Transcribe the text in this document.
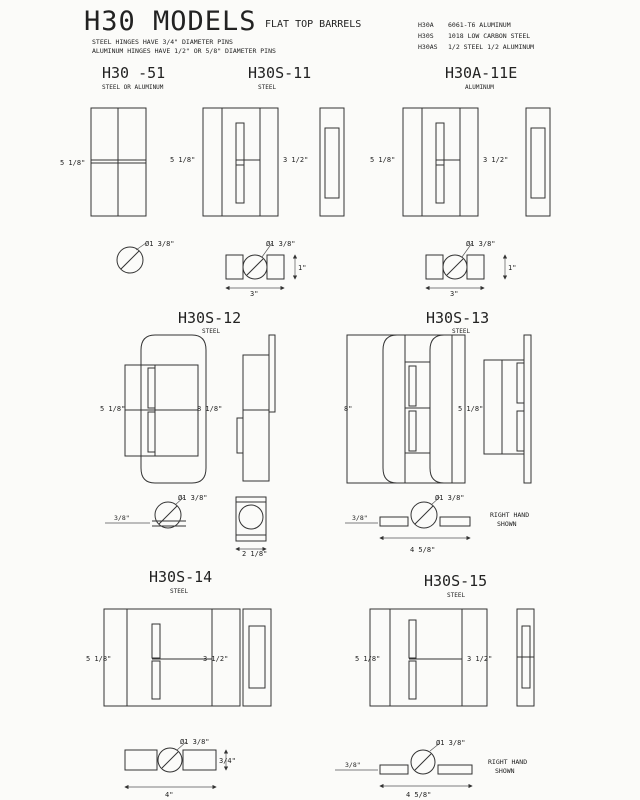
H30 MODELS FLAT TOP BARRELS
STEEL HINGES HAVE 3/4" DIAMETER PINS
ALUMINUM HINGES HAVE 1/2" OR 5/8" DIAMETER PINS
H30A 6061-T6 ALUMINUM
H30S 1018 LOW CARBON STEEL
H30AS 1/2 STEEL 1/2 ALUMINUM
H30 -51
STEEL OR ALUMINUM
5 1/8"
Ø1 3/8"
H30S-11
STEEL
5 1/8"	3 1/2"
Ø1 3/8"
1"
3"
H30A-11E
ALUMINUM
5 1/8"	3 1/2"
Ø1 3/8"
1"
3"
H30S-12
STEEL
5 1/8"	8 1/8"
3/8"
Ø1 3/8"
2 1/8"
H30S-13
STEEL
8"	5 1/8"
3/8"
Ø1 3/8"
4 5/8"
RIGHT HAND
SHOWN
H30S-14
STEEL
5 1/8"	3 1/2"
Ø1 3/8"
3/4"
4"
H30S-15
STEEL
5 1/8"	3 1/2"
3/8"
Ø1 3/8"
4 5/8"
RIGHT HAND
SHOWN
